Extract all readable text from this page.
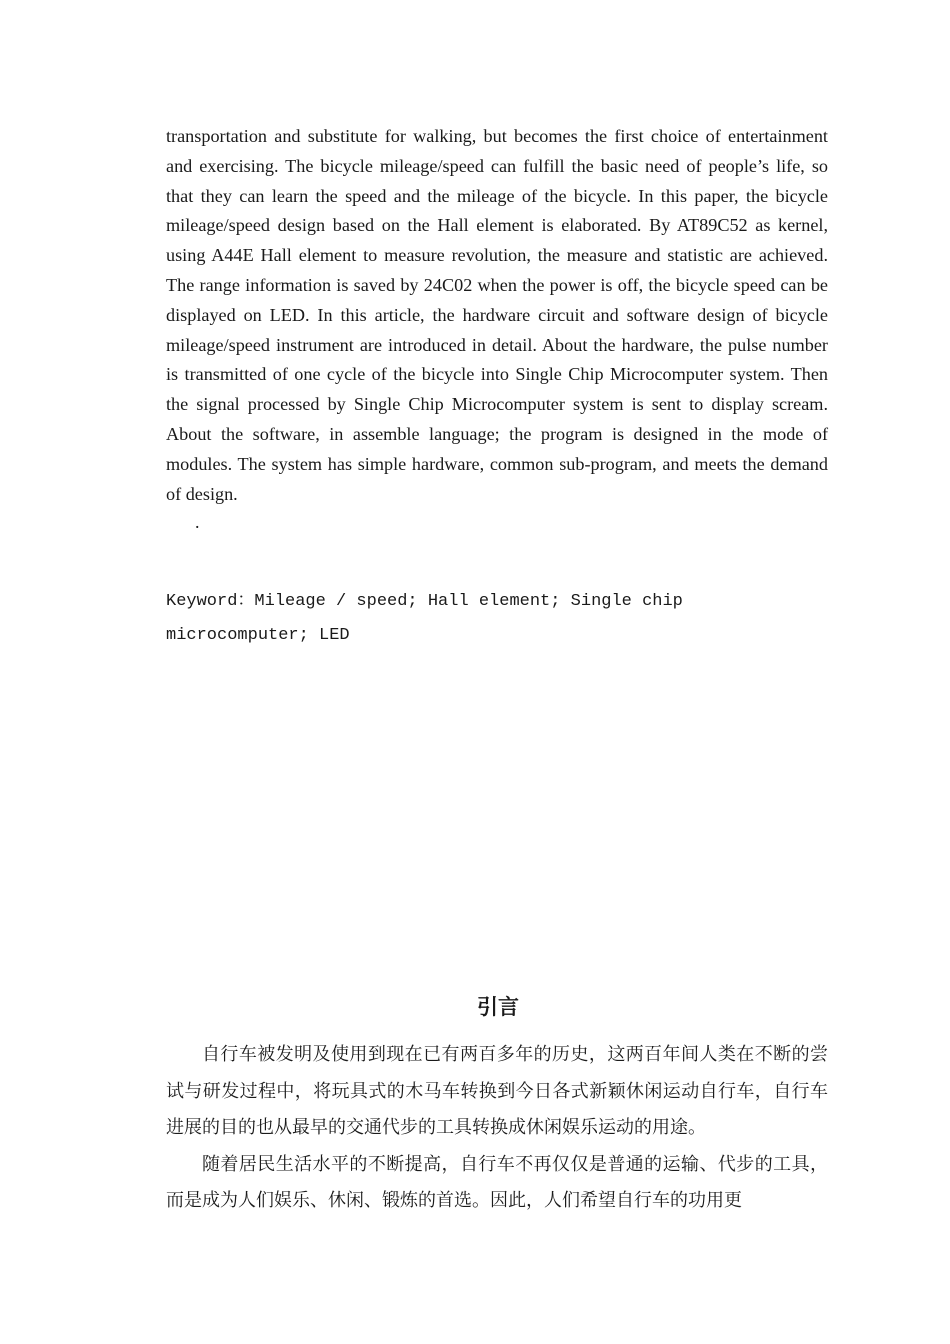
transportation and substitute for walking, but becomes the first choice of entertainment and exercising. The bicycle mileage/speed can fulfill the basic need of people’s life, so that they can learn the speed and the mileage of the bicycle. In this paper, the bicycle mileage/speed design based on the Hall element is elaborated. By AT89C52 as kernel, using A44E Hall element to measure revolution, the measure and statistic are achieved. The range information is saved by 24C02 when the power is off, the bicycle speed can be displayed on LED. In this article, the hardware circuit and software design of bicycle mileage/speed instrument are introduced in detail. About the hardware, the pulse number is transmitted of one cycle of the bicycle into Single Chip Microcomputer system. Then the signal processed by Single Chip Microcomputer system is sent to display scream. About the software, in assemble language; the program is designed in the mode of modules. The system has simple hardware, common sub-program, and meets the demand of design.

.

Keyword：Mileage / speed; Hall element; Single chip microcomputer; LED

引言

自行车被发明及使用到现在已有两百多年的历史，这两百年间人类在不断的尝试与研发过程中，将玩具式的木马车转换到今日各式新颖休闲运动自行车，自行车进展的目的也从最早的交通代步的工具转换成休闲娱乐运动的用途。

随着居民生活水平的不断提高，自行车不再仅仅是普通的运输、代步的工具，而是成为人们娱乐、休闲、锻炼的首选。因此，人们希望自行车的功用更
